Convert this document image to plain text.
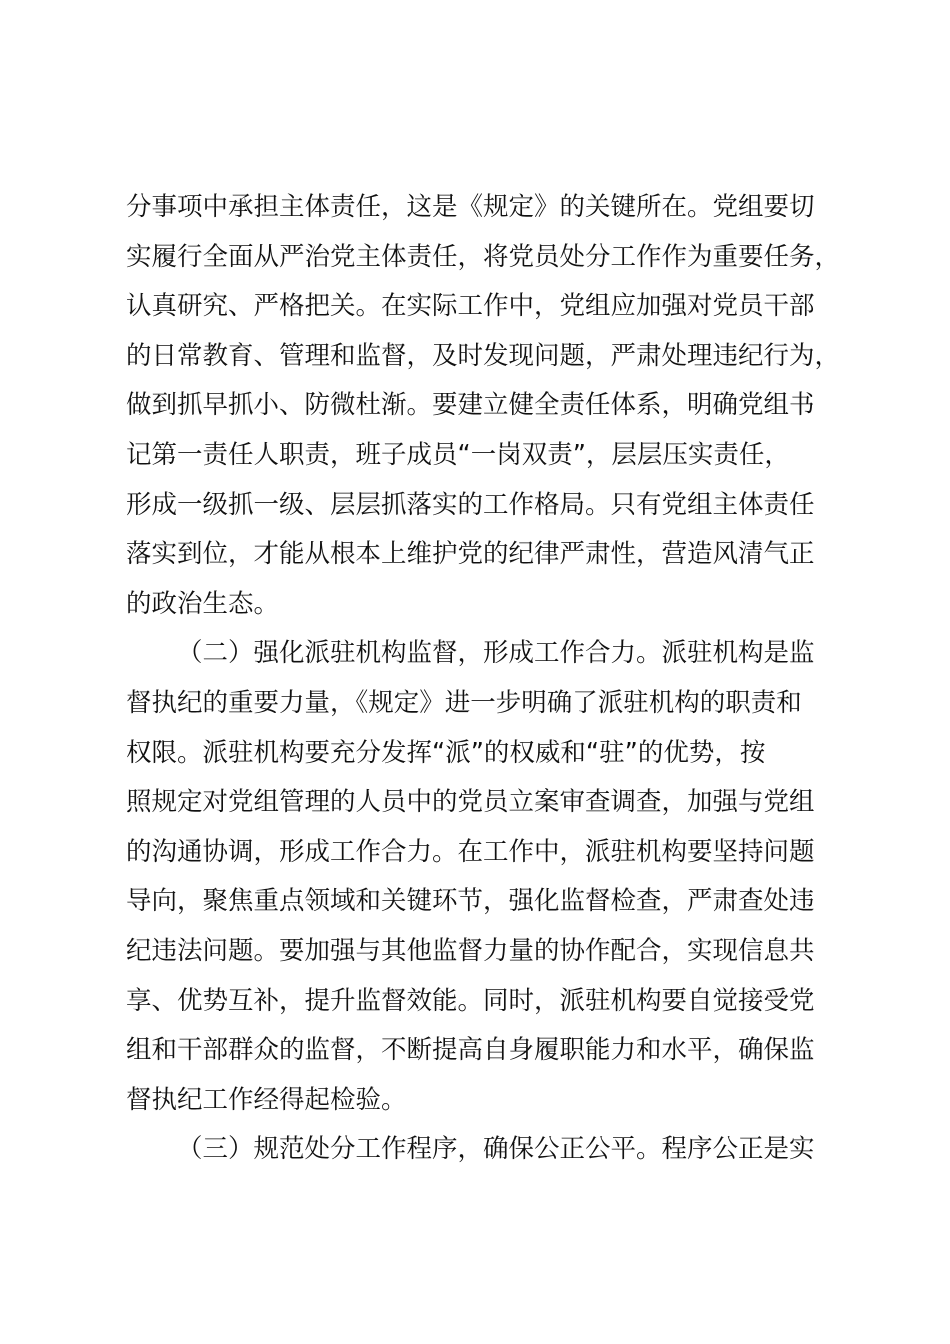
分事项中承担主体责任，这是《规定》的关键所在。党组要切
实履行全面从严治党主体责任，将党员处分工作作为重要任务，
认真研究、严格把关。在实际工作中，党组应加强对党员干部
的日常教育、管理和监督，及时发现问题，严肃处理违纪行为，
做到抓早抓小、防微杜渐。要建立健全责任体系，明确党组书
记第一责任人职责，班子成员“一岗双责”，层层压实责任，
形成一级抓一级、层层抓落实的工作格局。只有党组主体责任
落实到位，才能从根本上维护党的纪律严肃性，营造风清气正
的政治生态。
（二）强化派驻机构监督，形成工作合力。派驻机构是监
督执纪的重要力量，《规定》进一步明确了派驻机构的职责和
权限。派驻机构要充分发挥“派”的权威和“驻”的优势，按
照规定对党组管理的人员中的党员立案审查调查，加强与党组
的沟通协调，形成工作合力。在工作中，派驻机构要坚持问题
导向，聚焦重点领域和关键环节，强化监督检查，严肃查处违
纪违法问题。要加强与其他监督力量的协作配合，实现信息共
享、优势互补，提升监督效能。同时，派驻机构要自觉接受党
组和干部群众的监督，不断提高自身履职能力和水平，确保监
督执纪工作经得起检验。
（三）规范处分工作程序，确保公正公平。程序公正是实
